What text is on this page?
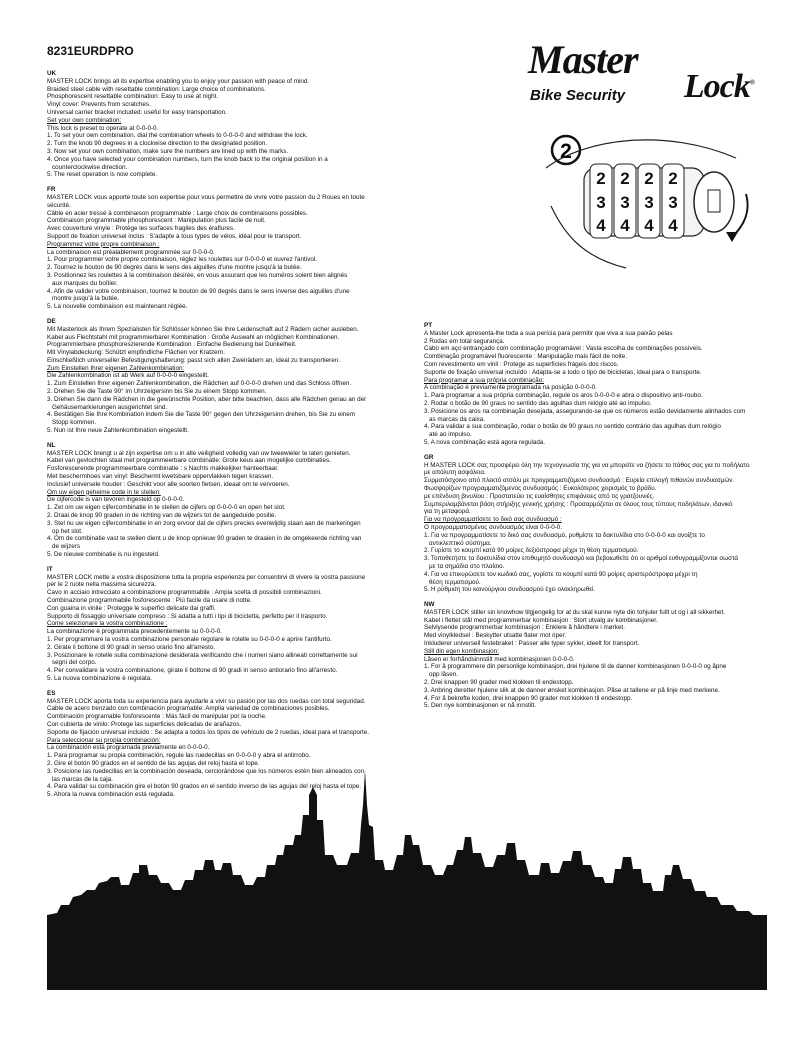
8231EURDPRO	Master
Lock®
Bike Security
2
2 2 2 2
3 3 3 3
4 4 4 4
UK
MASTER LOCK brings all its expertise enabling you to enjoy your passion with peace of mind.
Braided steel cable with resettable combination: Large choice of combinations.
Phosphorescent resettable combination: Easy to use at night.
Vinyl cover: Prevents from scratches.
Universal carrier bracket included: useful for easy transportation.
Set your own combination:
This lock is preset to operate at 0-0-0-0.
1. To set your own combination, dial the combination wheels to 0-0-0-0 and withdraw the lock.
2. Turn the knob 90 degrees in a clockwise direction to the designated position.
3. Now set your own combination, make sure the numbers are lined up with the marks.
4. Once you have selected your combination numbers, turn the knob back to the original position in a
counterclockwise direction.
5. The reset operation is now complete.
FR
MASTER LOCK vous apporte toute son expertise pour vous permettre de vivre votre passion du 2 Roues en toute
sécurité.
Câble en acier tressé à combinaison programmable : Large choix de combinaisons possibles.
Combinaison programmable phosphorescent : Manipulation plus facile de nuit.
Avec couverture vinyle : Protège les surfaces fragiles des éraflures.
Support de fixation universel inclus : S'adapte à tous types de vélos, idéal pour le transport.
Programmez votre propre combinaison :
La combinaison est préalablement programmée sur 0-0-0-0.
1. Pour programmer votre propre combinaison, réglez les roulettes sur 0-0-0-0 et ouvrez l'antivol.
2. Tournez le bouton de 90 degrés dans le sens des aiguilles d'une montre jusqu'à la butée.
3. Positionnez les roulettes à la combinaison désirée, en vous assurant que les numéros soient bien alignés
aux marques du boîtier.
4. Afin de valider votre combinaison, tournez le bouton de 90 degrés dans le sens inverse des aiguilles d'une
montre jusqu'à la butée.
5. La nouvelle combinaison est maintenant réglée.
DE
Mit Masterlock als Ihrem Spezialisten für Schlösser können Sie Ihre Leidenschaft auf 2 Rädern sicher ausleben.
Kabel aus Flechtstahl mit programmierbarer Kombination : Große Auswahl an möglichen Kombinationen.
Programmierbare phosphoreszierende Kombination : Einfache Bedienung bei Dunkelheit.
Mit Vinylabdeckung: Schützt empfindliche Flächen vor Kratzern.
Einschließlich universeller Befestigungshalterung: passt sich allen Zweirädern an, ideal zu transportieren.
Zum Einstellen Ihrer eigenen Zahlenkombination:
Die Zahlenkombination ist ab Werk auf 0-0-0-0 eingestellt.
1. Zum Einstellen Ihrer eigenen Zahlenkombination, die Rädchen auf 0-0-0-0 drehen und das Schloss öffnen.
2. Drehen Sie die Taste 90° im Uhrzeigersinn bis Sie zu einem Stopp kommen.
3. Drehen Sie dann die Rädchen in die gewünschte Position, aber bitte beachten, dass alle Rädchen genau an der
Gehäusemarkierungen ausgerichtet sind.
4. Bestätigen Sie Ihre Kombination indem Sie die Taste 90° gegen den Uhrzeigersinn drehen, bis Sie zu einem
Stopp kommen.
5. Nun ist Ihre neue Zahlenkombination eingestellt.
NL
MASTER LOCK brengt u al zijn expertise om u in alle veiligheid volledig van uw tweewieler te laten genieten.
Kabel van gevlochten staal met programmeerbare combinatie: Grote keus aan mogelijke combinaties.
Fosforescerende programmeerbare combinatie : s Nachts makkelijker hanteerbaar.
Met beschermhoes van vinyl: Beschermt kwetsbare oppervlakken tegen krassen.
Inclusief universele houder : Geschikt voor alle soorten fietsen, ideaal om te vervoeren.
Om uw eigen geheime code in te stellen:
De cijfercode is van tevoren ingesteld op 0-0-0-0.
1. Zet om uw eigen cijfercombinatie in te stellen de cijfers op 0-0-0-0 en open het slot.
2. Draai de knop 90 graden in de richting van de wijzers tot de aangeduide positie.
3. Stel nu uw eigen cijfercombinatie in en zorg ervoor dat de cijfers precies evenwijdig staan aan de markeringen
op het slot.
4. Om de combinatie vast te stellen dient u de knop opnieuw 90 graden te draaien in de omgekeerde richting van
de wijzers
5. De nieuwe combinatie is nu ingesteld.
IT
MASTER LOCK mette a vostra disposizione tutta la propria esperienza per consentirvi di vivere la vostra passione
per le 2 ruote nella massima sicurezza.
Cavo in acciaio intrecciato a combinazione programmabile : Ampia scelta di possibili combinazioni.
Combinazione programmabile fosforescente : Più facile da usare di notte.
Con guaina in vinile : Protegge le superfici delicate dai graffi.
Supporto di fissaggio universale compreso : Si adatta a tutti i tipi di bicicletta, perfetto per il trasporto.
Come selezionare la vostra combinazione :
La combinazione è programmata precedentemente su 0-0-0-0.
1. Per programmare la vostra combinazione personale regolare le rotelle su 0-0-0-0 e aprire l'antifurto.
2. Girate il bottone di 90 gradi in senso orario fino all'arresto.
3. Posizionare le rotelle sulla combinazione desiderata verificando che i numeri siano allineati correttamente sui
segni del corpo.
4. Per convalidare la vostra combinazione, girate il bottone di 90 gradi in senso antiorario fino all'arresto.
5. La nuova combinazione è regolata.
ES
MASTER LOCK aporta toda su experiencia para ayudarle a vivir su pasión por las dos ruedas con total seguridad.
Cable de acero trenzado con combinación programable: Amplia variedad de combinaciones posibles.
Combinación programable fosforescente : Más fácil de manipular por la noche.
Con cubierta de vinilo: Protege las superficies delicadas de arañazos.
Soporte de fijación universal incluido : Se adapta a todos los tipos de vehículo de 2 ruedas, ideal para el transporte.
Para seleccionar su propia combinación:
La combinación está programada previamente en 0-0-0-0.
1. Para programar su propia combinación, regule las ruedecillas en 0-0-0-0 y abra el antirrobo.
2. Gire el botón 90 grados en el sentido de las agujas del reloj hasta el tope.
3. Posicione las ruedecillas en la combinación deseada, cerciorándose que los números estén bien alineados con
las marcas de la caja.
4. Para validar su combinación gire el botón 90 grados en el sentido inverso de las agujas del reloj hasta el tope.
5. Ahora la nueva combinación está regulada.
PT
A Master Lock apresenta-lhe toda a sua perícia para permitir que viva a sua paixão pelas
2 Rodas em total segurança.
Cabo em aço entrançado com combinação programável : Vasta escolha de combinações possíveis.
Combinação programável fluorescente : Manipulação mais fácil de noite.
Com revestimento em vinil : Protege as superfícies frágeis dos riscos.
Suporte de fixação universal incluído : Adapta-se a todo o tipo de bicicletas, ideal para o transporte.
Para programar a sua própria combinação:
A combinação é previamente programada na posição 0-0-0-0.
1. Para programar a sua própria combinação, regule os aros 0-0-0-0 e abra o dispositivo anti-roubo.
2. Rodar o botão de 90 graus no sentido das agulhas dum relógio até ao impulso.
3. Posicione os aros na combinação desejada, assegurando-se que os números estão devidamente alinhados com
as marcas da caixa.
4. Para validar a sua combinação, rodar o botão de 90 graus no sentido contrário das agulhas dum relógio
até ao impulso.
5. A nova combinação está agora regulada.
GR
Η MASTER LOCK σας προσφέρει όλη την τεχνογνωσία της για να μπορείτε να ζήσετε το πάθος σας για το ποδήλατο
με απόλυτη ασφάλεια.
Συρματόσχοινο από πλεκτό ατσάλι με προγραμματιζόμενο συνδυασμό : Ευρεία επιλογή πιθανών συνδυασμών.
Φωσφορίζων προγραμματιζόμενος συνδυασμός : Ευκολότερος χειρισμός το βράδυ.
με επένδυση βινυλίου : Προστατεύει τις ευαίσθητες επιφάνειες από τις γρατζουνιές.
Συμπεριλαμβάνεται βάση στήριξης γενικής χρήσης : Προσαρμόζεται σε όλους τους τύπους ποδηλάτων, ιδανικό
για τη μεταφορά.
Για να προγραμματίσετε το δικό σας συνδυασμό :
Ο προγραμματισμένος συνδυασμός είναι 0-0-0-0.
1. Για να προγραμματίσετε το δικό σας συνδυασμό, ρυθμίστε τα δακτυλίδια στο 0-0-0-0 και ανοίξτε το
αντικλεπτικό σύστημα.
2. Γυρίστε το κουμπί κατά 90 μοίρες δεξιόστροφα μέχρι τη θέση τερματισμού.
3. Τοποθετήστε τα δακτυλίδια στον επιθυμητό συνδυασμό και βεβαιωθείτε ότι οι αριθμοί ευθυγραμμίζονται σωστά
με τα σημάδια στο πλαίσιο.
4. Για να επικυρώσετε τον κωδικό σας, γυρίστε το κουμπί κατά 90 μοίρες αριστερόστροφα μέχρι τη
θέση τερματισμού.
5. Η ρύθμιση του καινούργιου συνδυασμού έχει ολοκληρωθεί.
NW
MASTER LOCK stiller sin knowhow tilgjengelig for at du skal kunne nyte din tohjuler fullt ut og i all sikkerhet.
Kabel i flettet stål med programmerbar kombinasjon : Stort utvalg av kombinasjoner.
Selvlysende programmerbar kombinasjon : Enklere å håndtere i mørket.
Med vinylkledsel : Beskytter utsatte flater mot riper.
Inkluderer universell festebraket : Passer alle typer sykler, ideelt for transport.
Still din egen kombinasjon:
Låsen er forhåndsinnstilt med kombinasjonen 0-0-0-0.
1. For å programmere din personlige kombinasjon, drei hjulene til de danner kombinasjonen 0-0-0-0 og åpne
opp låsen.
2. Drei knappen 90 grader med klokken til endestopp.
3. Anbring deretter hjulene slik at de danner ønsket kombinasjon. Påse at tallene er på linje med merkene.
4. For å bekrefte koden, drei knappen 90 grader mot klokken til endestopp.
5. Den nye kombinasjonen er nå innstilt.
